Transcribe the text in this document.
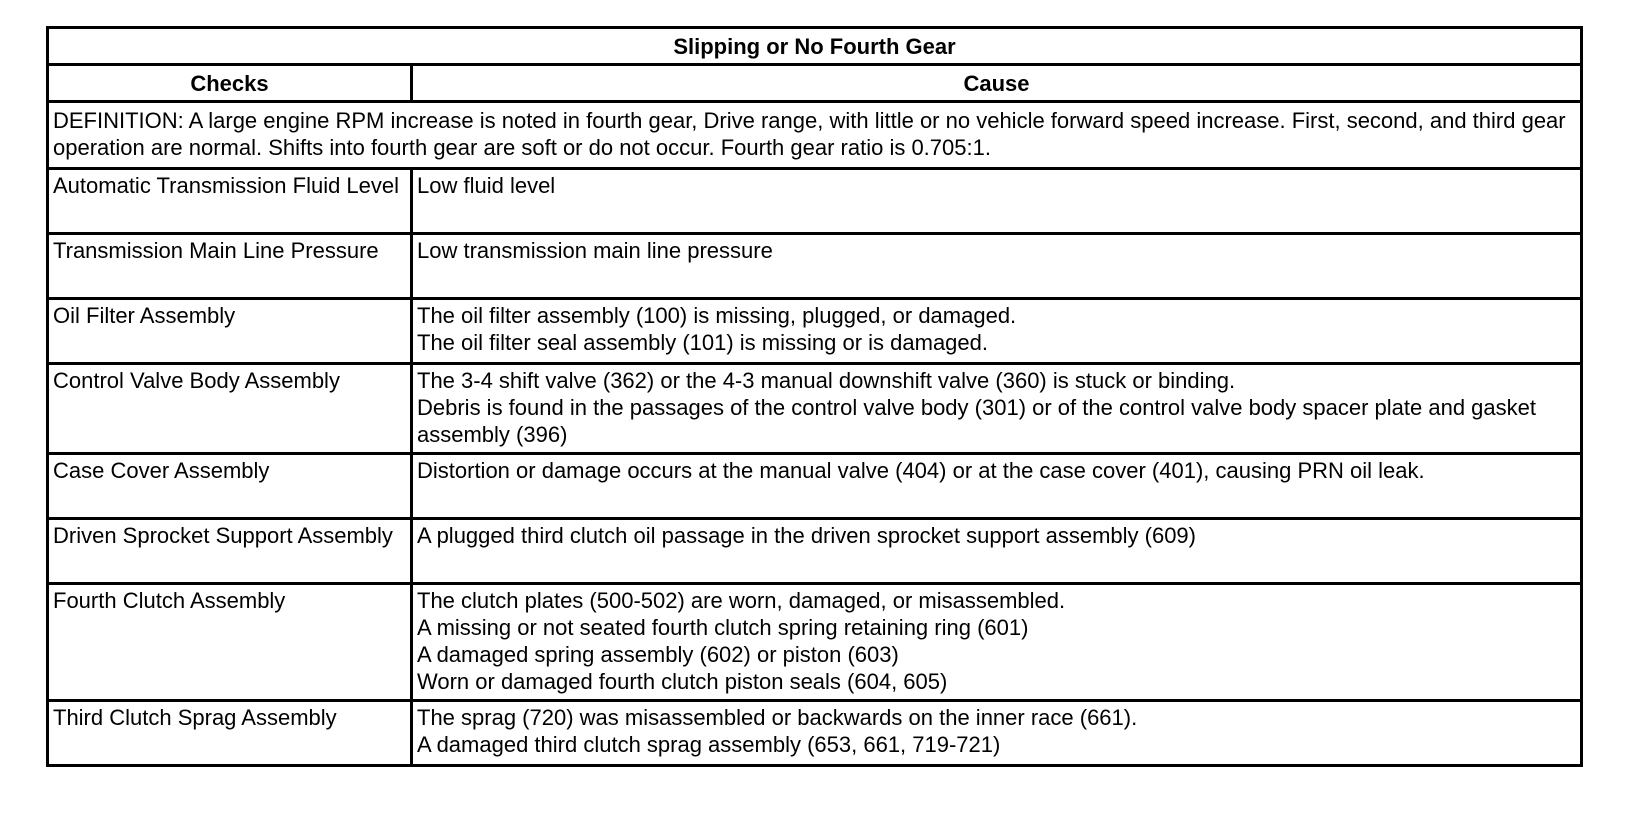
Slipping or No Fourth Gear	
Checks	Cause
DEFINITION: A large engine RPM increase is noted in fourth gear, Drive range, with little or no vehicle forward speed increase. First, second, and third gear operation are normal. Shifts into fourth gear are soft or do not occur. Fourth gear ratio is 0.705:1.	
Automatic Transmission Fluid Level	Low fluid level

Transmission Main Line Pressure	Low transmission main line pressure

Oil Filter Assembly	The oil filter assembly (100) is missing, plugged, or damaged.
The oil filter seal assembly (101) is missing or is damaged.

Control Valve Body Assembly	The 3-4 shift valve (362) or the 4-3 manual downshift valve (360) is stuck or binding.
Debris is found in the passages of the control valve body (301) or of the control valve body spacer plate and gasket assembly (396)

Case Cover Assembly	Distortion or damage occurs at the manual valve (404) or at the case cover (401), causing PRN oil leak.

Driven Sprocket Support Assembly	A plugged third clutch oil passage in the driven sprocket support assembly (609)

Fourth Clutch Assembly	The clutch plates (500-502) are worn, damaged, or misassembled.
A missing or not seated fourth clutch spring retaining ring (601)
A damaged spring assembly (602) or piston (603)
Worn or damaged fourth clutch piston seals (604, 605)

Third Clutch Sprag Assembly	The sprag (720) was misassembled or backwards on the inner race (661).
A damaged third clutch sprag assembly (653, 661, 719-721)
